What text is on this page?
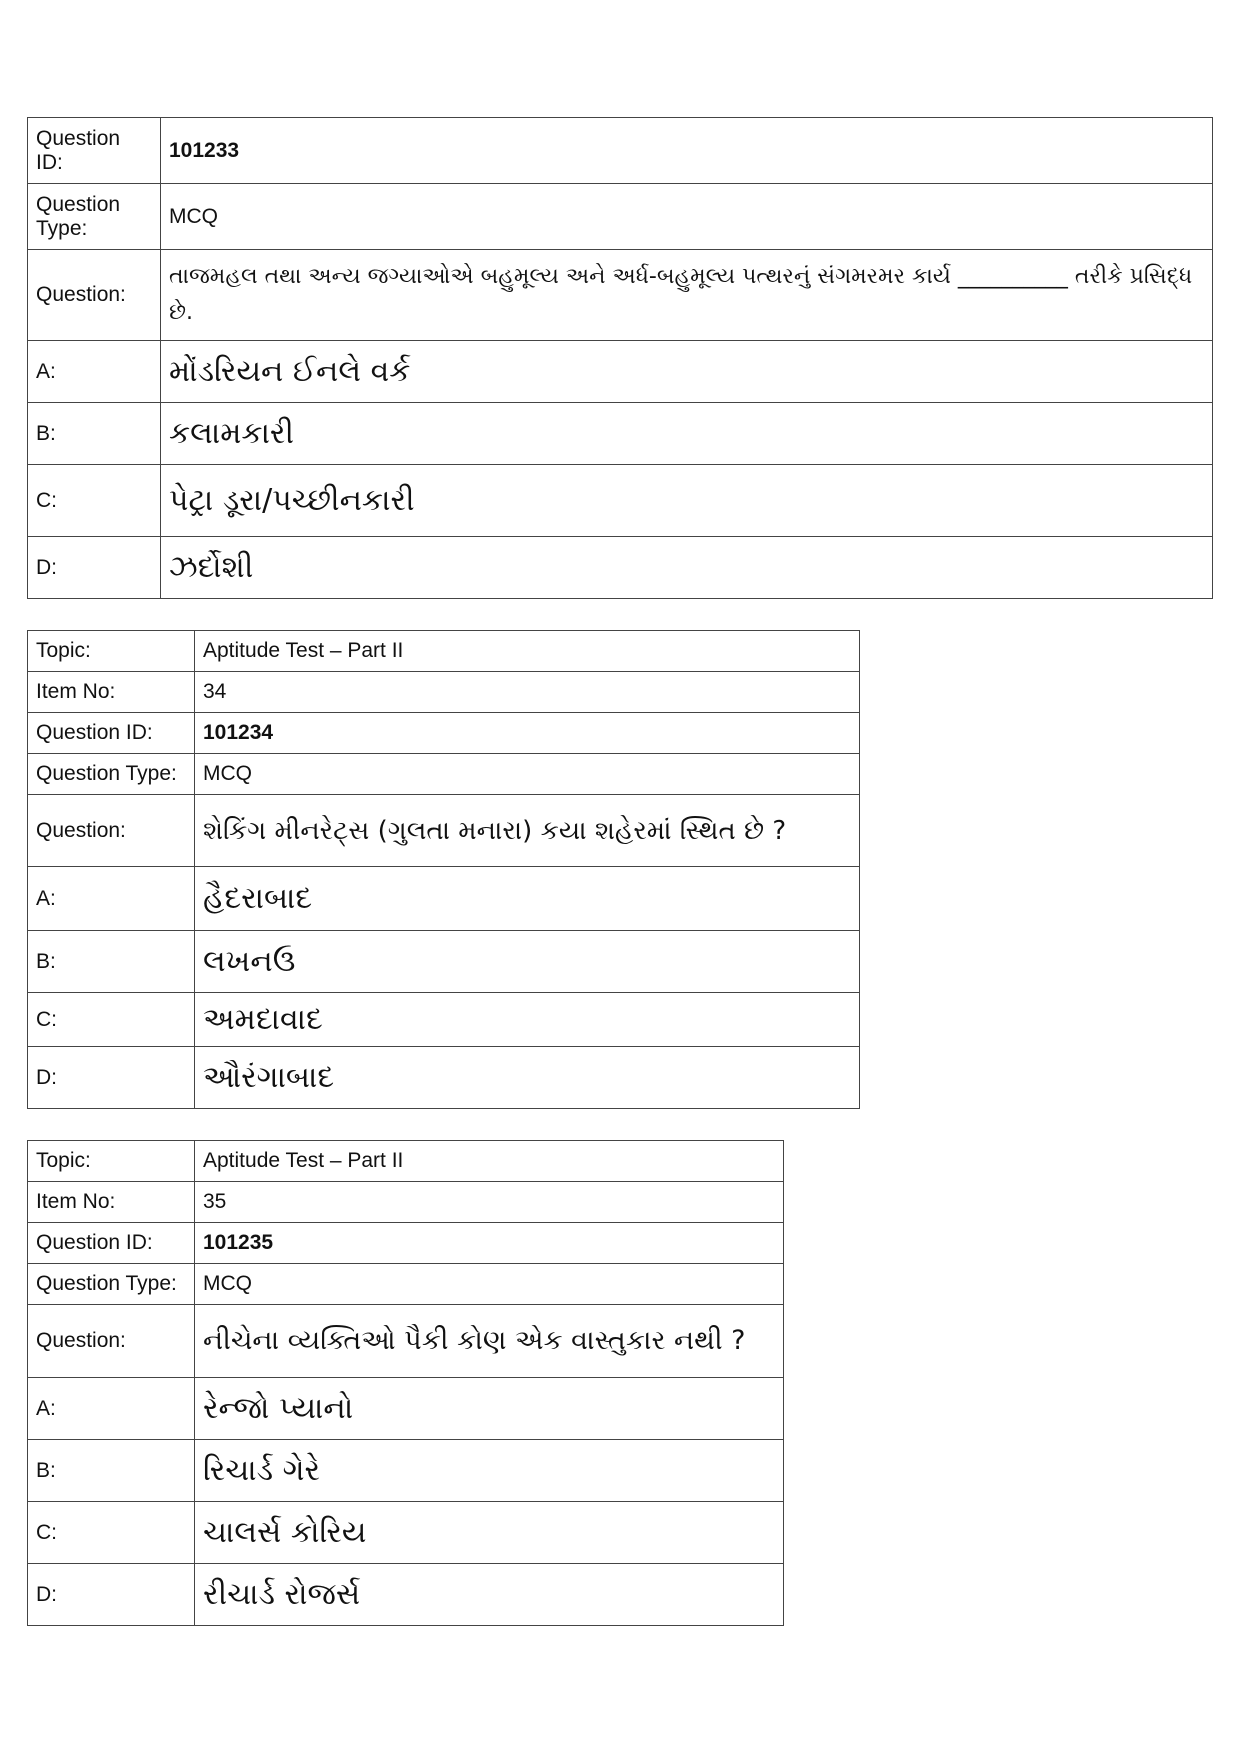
Question ID:	101233
Question Type:	MCQ
Question:	તાજમહલ તથા અન્ય જગ્યાઓએ બહુમૂલ્ય અને અર્ધ-બહુમૂલ્ય પત્થરનું સંગમરમર કાર્ય __________ તરીકે પ્રસિદ્ધ છે.
A:	મોંડરિયન ઈનલે વર્ક
B:	કલામકારી
C:	પેટ્રા ડૂરા/પચ્છીનકારી
D:	ઝર્દોશી
Topic:	Aptitude Test – Part II
Item No:	34
Question ID:	101234
Question Type:	MCQ
Question:	શેકિંગ મીનરેટ્સ (ગુલતા મનારા) કયા શહેરમાં સ્થિત છે ?
A:	હૈદરાબાદ
B:	લખનઉ
C:	અમદાવાદ
D:	ઔરંગાબાદ
Topic:	Aptitude Test – Part II
Item No:	35
Question ID:	101235
Question Type:	MCQ
Question:	નીચેના વ્યક્તિઓ પૈકી કોણ એક વાસ્તુકાર નથી ?
A:	રેન્જો પ્યાનો
B:	રિચાર્ડ ગેરે
C:	ચાલર્સ કોરિય
D:	રીચાર્ડ રોજર્સ
